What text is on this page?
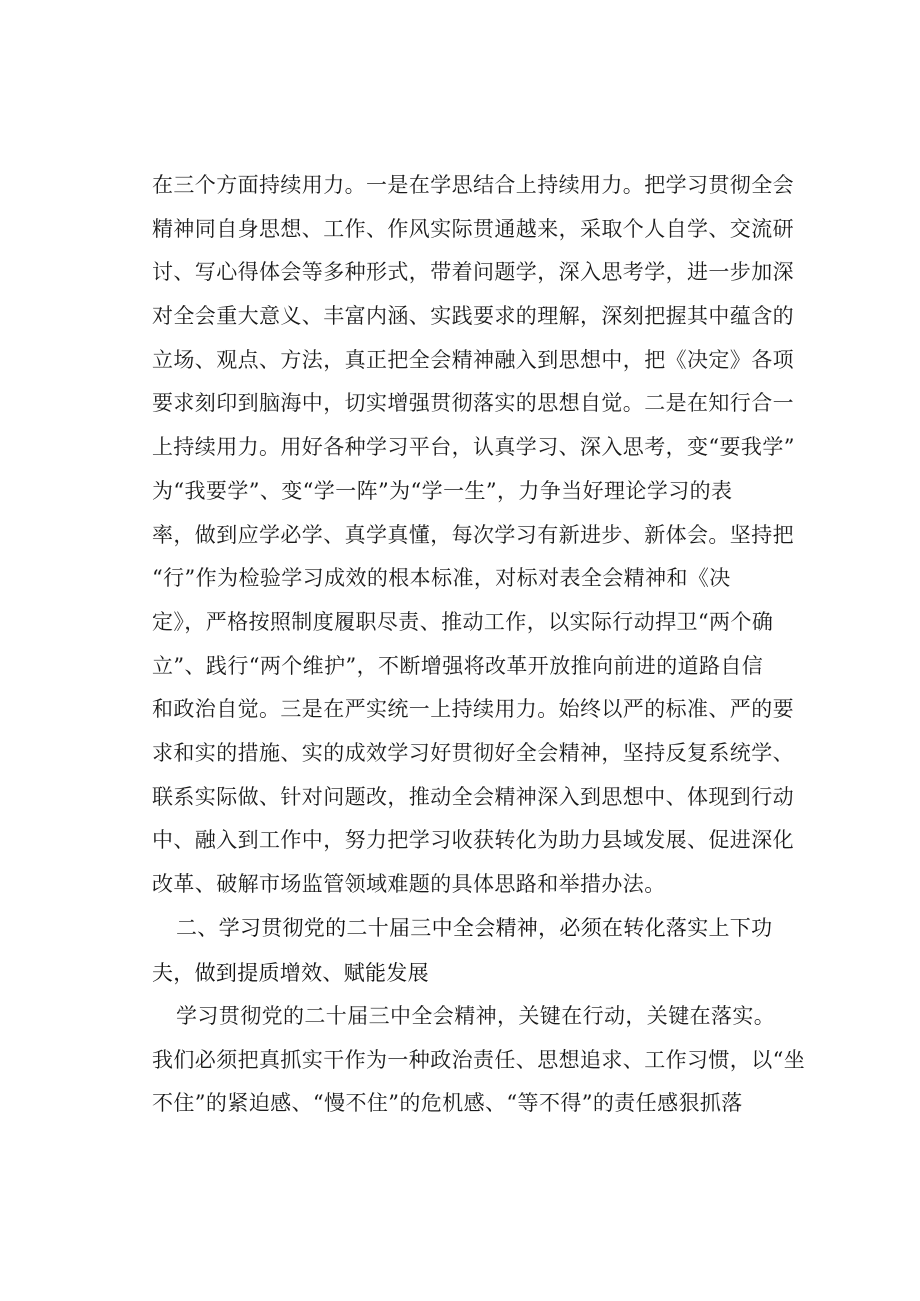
在三个方面持续用力。一是在学思结合上持续用力。把学习贯彻全会
精神同自身思想、工作、作风实际贯通越来，采取个人自学、交流研
讨、写心得体会等多种形式，带着问题学，深入思考学，进一步加深
对全会重大意义、丰富内涵、实践要求的理解，深刻把握其中蕴含的
立场、观点、方法，真正把全会精神融入到思想中，把《决定》各项
要求刻印到脑海中，切实增强贯彻落实的思想自觉。二是在知行合一
上持续用力。用好各种学习平台，认真学习、深入思考，变“要我学”
为“我要学”、变“学一阵”为“学一生”，力争当好理论学习的表
率，做到应学必学、真学真懂，每次学习有新进步、新体会。坚持把
“行”作为检验学习成效的根本标准，对标对表全会精神和《决
定》，严格按照制度履职尽责、推动工作，以实际行动捍卫“两个确
立”、践行“两个维护”，不断增强将改革开放推向前进的道路自信
和政治自觉。三是在严实统一上持续用力。始终以严的标准、严的要
求和实的措施、实的成效学习好贯彻好全会精神，坚持反复系统学、
联系实际做、针对问题改，推动全会精神深入到思想中、体现到行动
中、融入到工作中，努力把学习收获转化为助力县域发展、促进深化
改革、破解市场监管领域难题的具体思路和举措办法。
二、学习贯彻党的二十届三中全会精神，必须在转化落实上下功
夫，做到提质增效、赋能发展
学习贯彻党的二十届三中全会精神，关键在行动，关键在落实。
我们必须把真抓实干作为一种政治责任、思想追求、工作习惯，以“坐
不住”的紧迫感、“慢不住”的危机感、“等不得”的责任感狠抓落
